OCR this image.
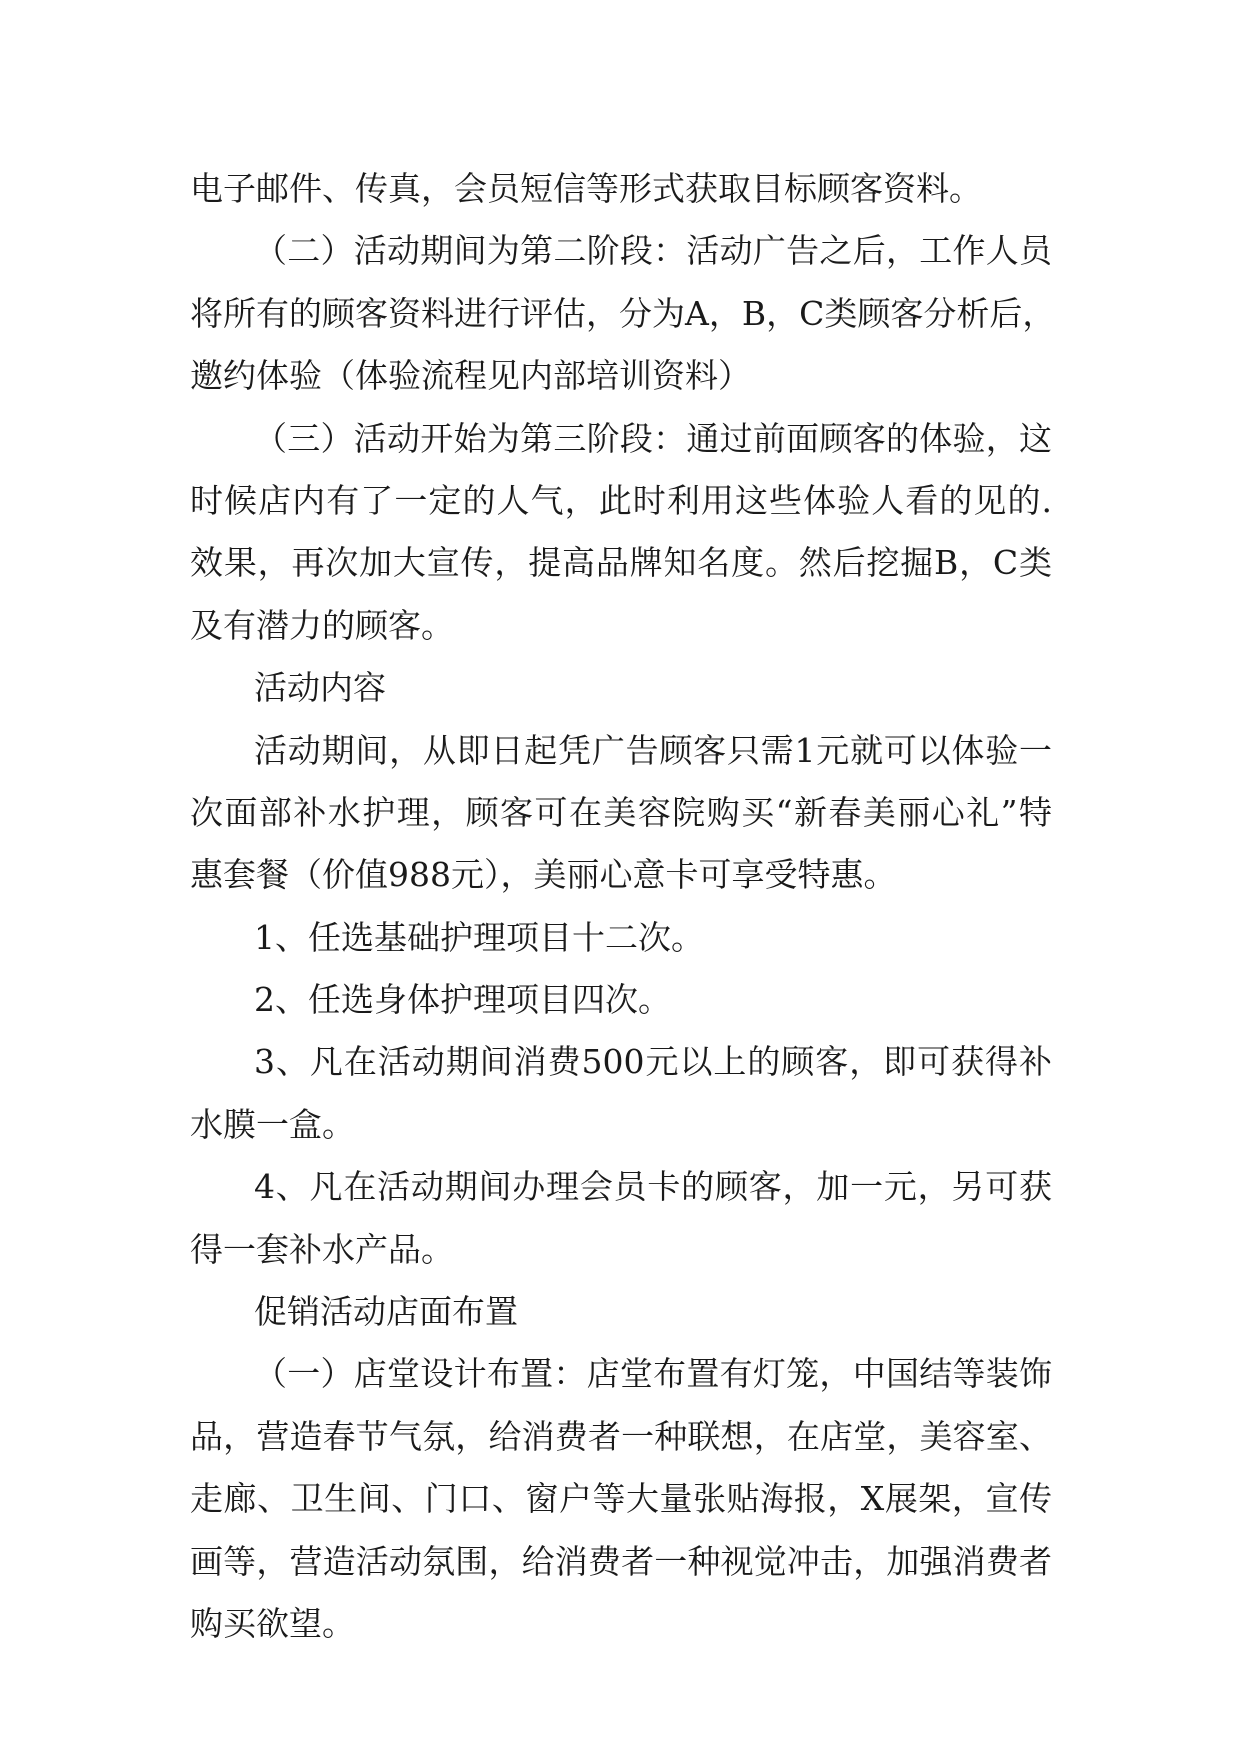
电子邮件、传真，会员短信等形式获取目标顾客资料。
（二）活动期间为第二阶段：活动广告之后，工作人员
将所有的顾客资料进行评估，分为A，B，C类顾客分析后，
邀约体验（体验流程见内部培训资料）
（三）活动开始为第三阶段：通过前面顾客的体验，这
时候店内有了一定的人气，此时利用这些体验人看的见的.
效果，再次加大宣传，提高品牌知名度。然后挖掘B，C类
及有潜力的顾客。
活动内容
活动期间，从即日起凭广告顾客只需1元就可以体验一
次面部补水护理，顾客可在美容院购买“新春美丽心礼”特
惠套餐（价值988元），美丽心意卡可享受特惠。
1、任选基础护理项目十二次。
2、任选身体护理项目四次。
3、凡在活动期间消费500元以上的顾客，即可获得补
水膜一盒。
4、凡在活动期间办理会员卡的顾客，加一元，另可获
得一套补水产品。
促销活动店面布置
（一）店堂设计布置：店堂布置有灯笼，中国结等装饰
品，营造春节气氛，给消费者一种联想，在店堂，美容室、
走廊、卫生间、门口、窗户等大量张贴海报，X展架，宣传
画等，营造活动氛围，给消费者一种视觉冲击，加强消费者
购买欲望。
